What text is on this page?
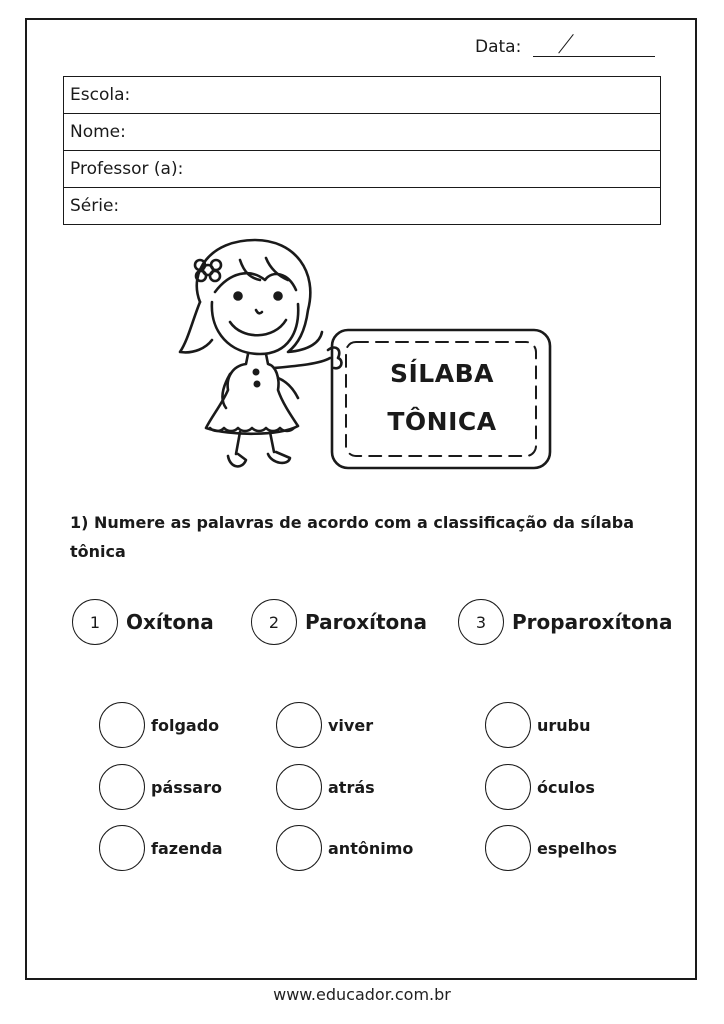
Data:
Escola:
Nome:
Professor (a):
Série:
SÍLABA
TÔNICA
1) Numere as palavras de acordo com a classificação da sílaba tônica
1	Oxítona	2	Paroxítona	3	Proparoxítona
folgado	viver	urubu
pássaro	atrás	óculos
fazenda	antônimo	espelhos
www.educador.com.br
